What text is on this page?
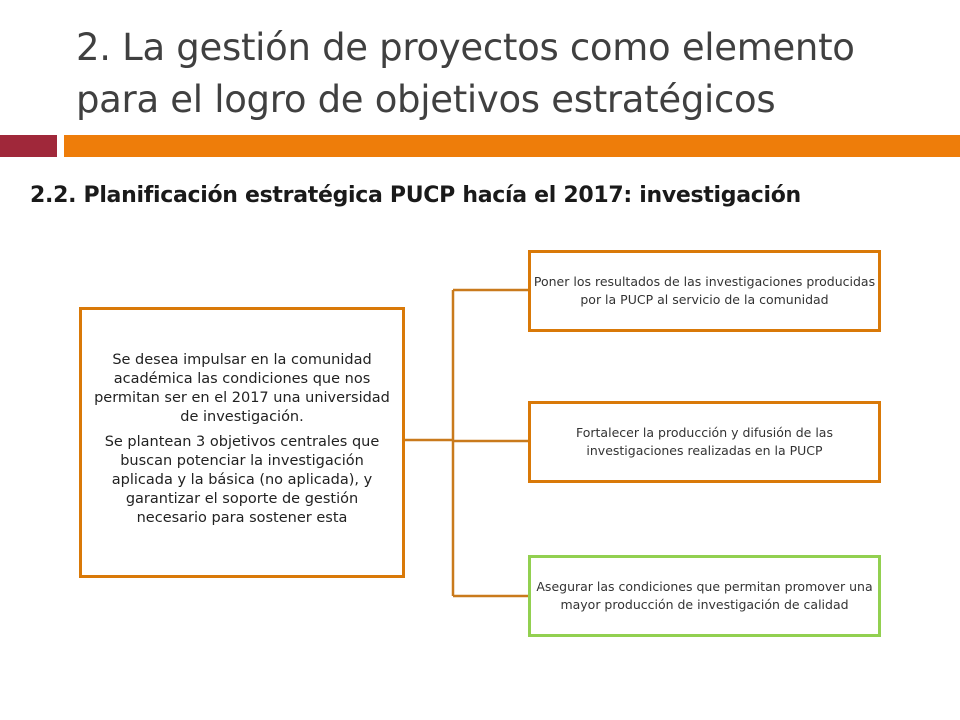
2. La gestión de proyectos como elemento
para el logro de objetivos estratégicos
2.2. Planificación estratégica PUCP hacía el 2017: investigación

Se desea impulsar en la comunidad académica las condiciones que nos permitan ser en el 2017 una universidad de investigación.

Se plantean 3 objetivos centrales que buscan potenciar la investigación aplicada y la básica (no aplicada), y garantizar el soporte de gestión necesario para sostener esta

Poner los resultados de las investigaciones producidas por la PUCP al servicio de la comunidad
Fortalecer la producción y difusión de las investigaciones realizadas en la PUCP
Asegurar las condiciones que permitan promover una mayor producción de investigación de calidad
